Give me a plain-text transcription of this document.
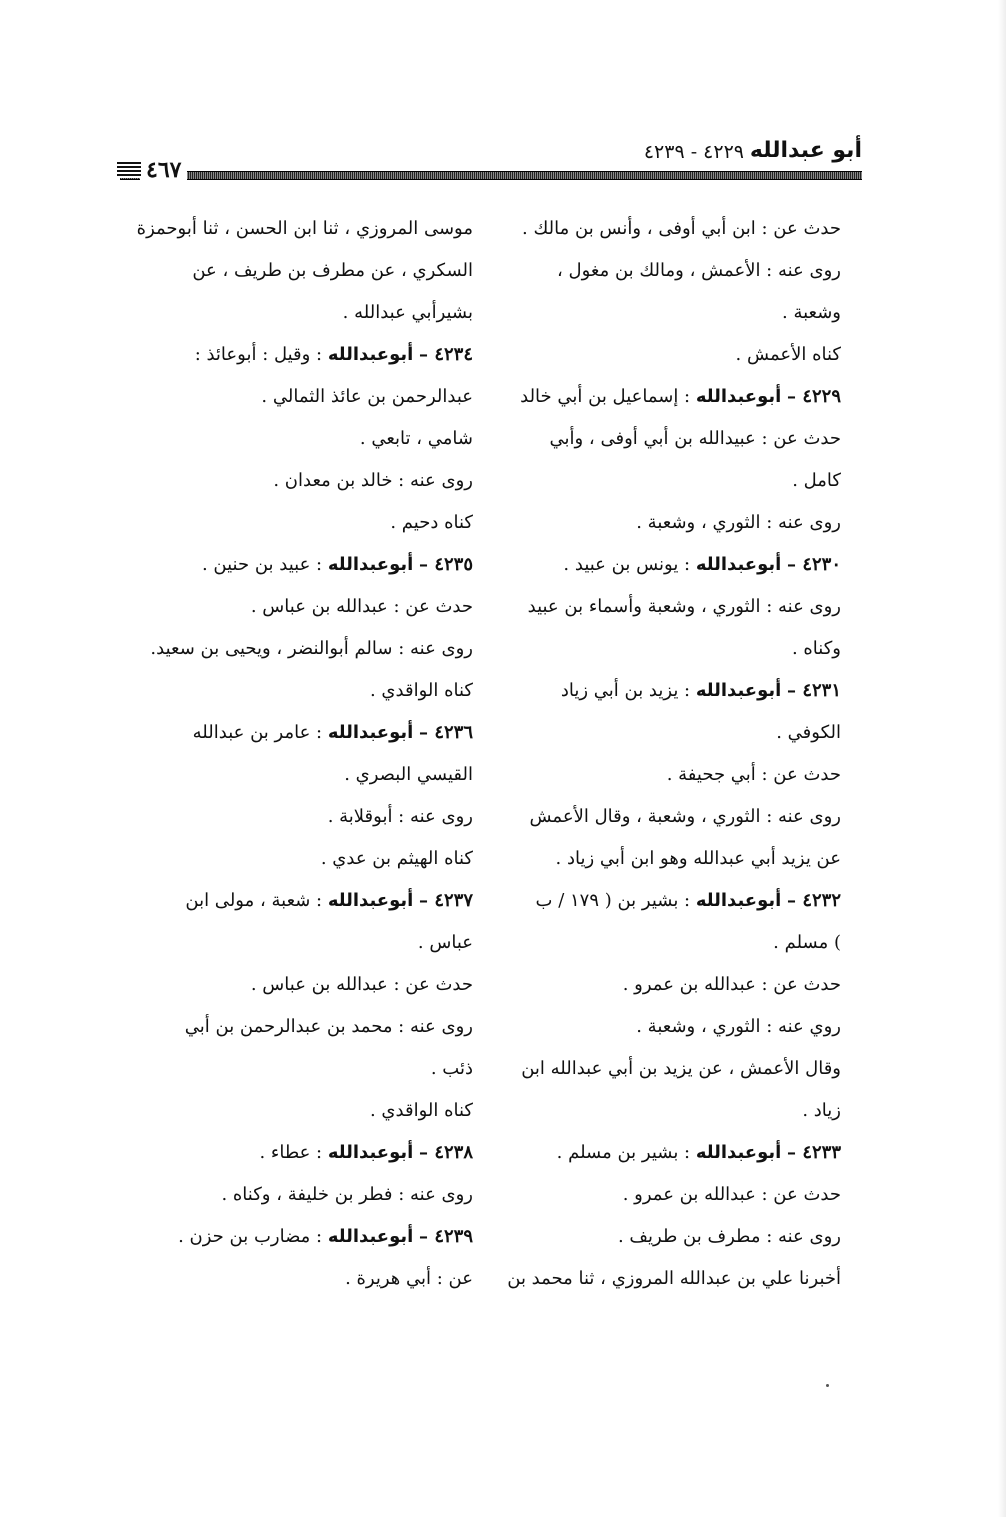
أبو عبدالله
٤٢٢٩ - ٤٢٣٩
٤٦٧
حدث عن : ابن أبي أوفى ، وأنس بن مالك .
روى عنه : الأعمش ، ومالك بن مغول ،
وشعبة .
كناه الأعمش .
٤٢٢٩ – أبوعبدالله : إسماعيل بن أبي خالد
حدث عن : عبيدالله بن أبي أوفى ، وأبي
كامل .
روى عنه : الثوري ، وشعبة .
٤٢٣٠ – أبوعبدالله : يونس بن عبيد .
روى عنه : الثوري ، وشعبة وأسماء بن عبيد
وكناه .
٤٢٣١ – أبوعبدالله : يزيد بن أبي زياد
الكوفي .
حدث عن : أبي جحيفة .
روى عنه : الثوري ، وشعبة ، وقال الأعمش
عن يزيد أبي عبدالله وهو ابن أبي زياد .
٤٢٣٢ – أبوعبدالله : بشير بن ( ١٧٩ / ب
) مسلم .
حدث عن : عبدالله بن عمرو .
روي عنه : الثوري ، وشعبة .
وقال الأعمش ، عن يزيد بن أبي عبدالله ابن
زياد .
٤٢٣٣ – أبوعبدالله : بشير بن مسلم .
حدث عن : عبدالله بن عمرو .
روى عنه : مطرف بن طريف .
أخبرنا علي بن عبدالله المروزي ، ثنا محمد بن
موسى المروزي ، ثنا ابن الحسن ، ثنا أبوحمزة
السكري ، عن مطرف بن طريف ، عن
بشيرأبي عبدالله .
٤٢٣٤ – أبوعبدالله : وقيل : أبوعائذ :
عبدالرحمن بن عائذ الثمالي .
شامي ، تابعي .
روى عنه : خالد بن معدان .
كناه دحيم .
٤٢٣٥ – أبوعبدالله : عبيد بن حنين .
حدث عن : عبدالله بن عباس .
روى عنه : سالم أبوالنضر ، ويحيى بن سعيد.
كناه الواقدي .
٤٢٣٦ – أبوعبدالله : عامر بن عبدالله
القيسي البصري .
روى عنه : أبوقلابة .
كناه الهيثم بن عدي .
٤٢٣٧ – أبوعبدالله : شعبة ، مولى ابن
عباس .
حدث عن : عبدالله بن عباس .
روى عنه : محمد بن عبدالرحمن بن أبي
ذئب .
كناه الواقدي .
٤٢٣٨ – أبوعبدالله : عطاء .
روى عنه : فطر بن خليفة ، وكناه .
٤٢٣٩ – أبوعبدالله : مضارب بن حزن .
عن : أبي هريرة .
